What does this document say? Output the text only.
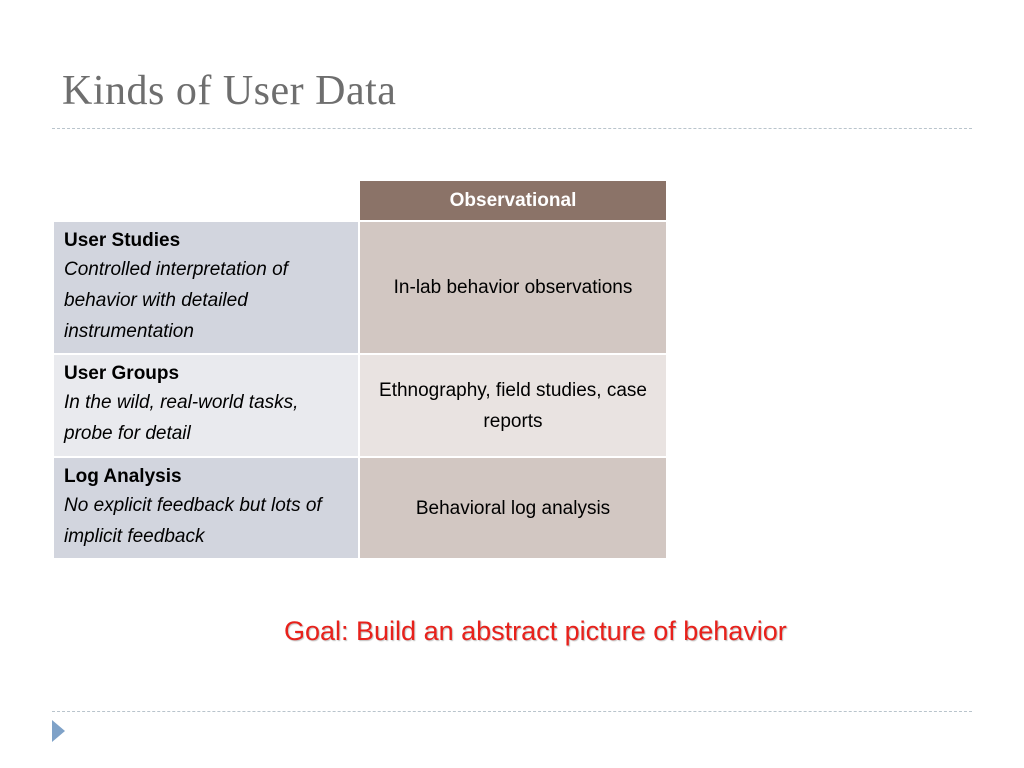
Kinds of User Data
	Observational

User Studies
Controlled interpretation of behavior with detailed instrumentation	In-lab behavior observations

User Groups
In the wild, real-world tasks, probe for detail	Ethnography, field studies, case reports

Log Analysis
No explicit feedback but lots of implicit feedback	Behavioral log analysis

Goal: Build an abstract picture of behavior
